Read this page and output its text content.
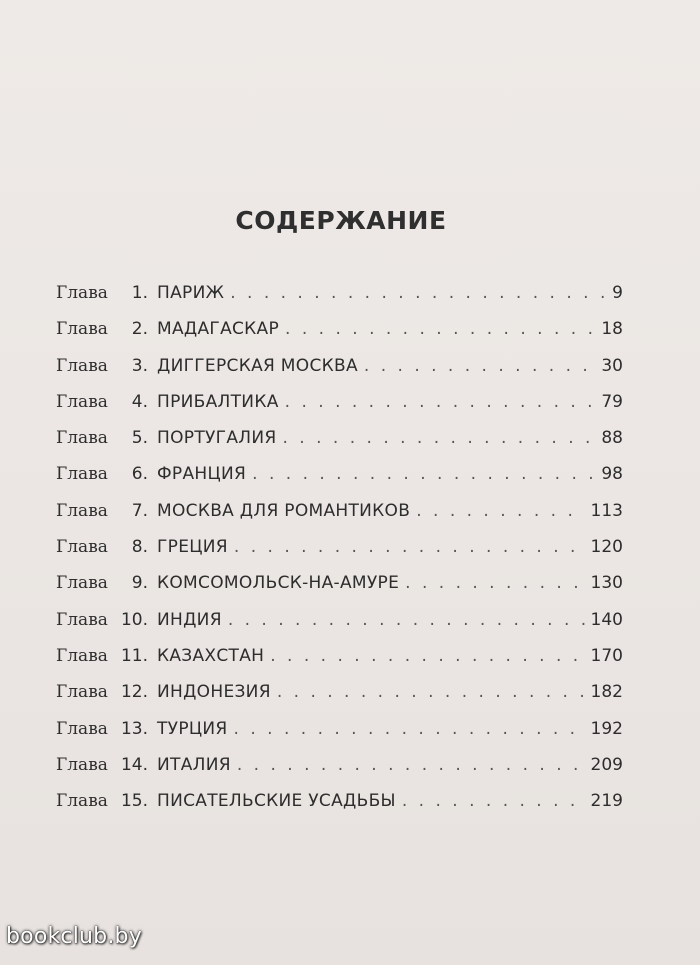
СОДЕРЖАНИЕ
Глава	1. ПАРИЖ . . .	9
Глава	2. МАДАГАСКАР . . .	18
Глава	3. ДИГГЕРСКАЯ МОСКВА . . .	30
Глава	4. ПРИБАЛТИКА . . .	79
Глава	5. ПОРТУГАЛИЯ . . .	88
Глава	6. ФРАНЦИЯ . . .	98
Глава	7. МОСКВА ДЛЯ РОМАНТИКОВ . . .	113
Глава	8. ГРЕЦИЯ . . .	120
Глава	9. КОМСОМОЛЬСК-НА-АМУРЕ . . .	130
Глава 10. ИНДИЯ . . .	140
Глава 11. КАЗАХСТАН . . .	170
Глава 12. ИНДОНЕЗИЯ . . .	182
Глава 13. ТУРЦИЯ . . .	192
Глава 14. ИТАЛИЯ . . .	209
Глава 15. ПИСАТЕЛЬСКИЕ УСАДЬБЫ . . .	219
bookclub.by
